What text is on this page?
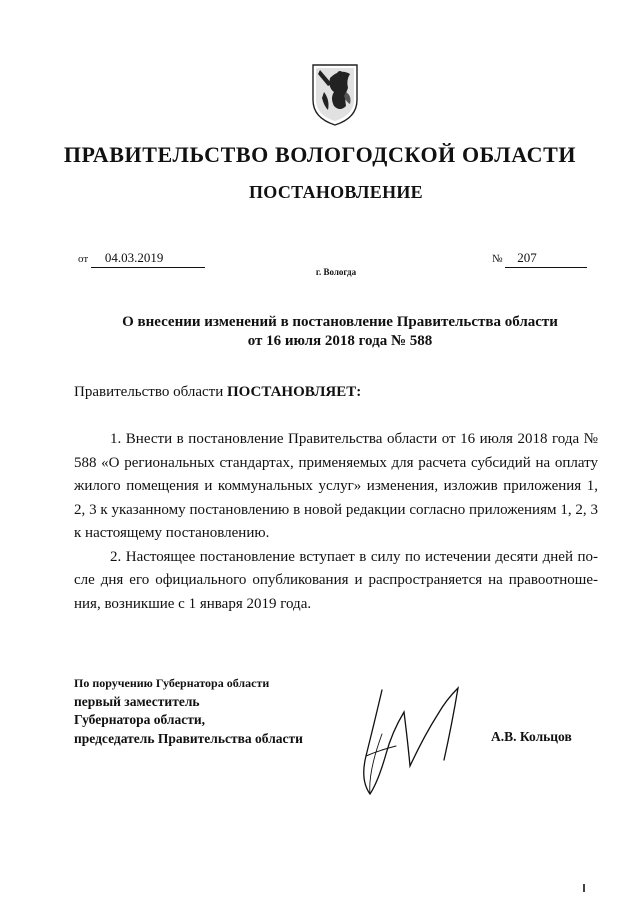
ПРАВИТЕЛЬСТВО ВОЛОГОДСКОЙ ОБЛАСТИ
ПОСТАНОВЛЕНИЕ
от 04.03.2019	№ 207
г. Вологда
О внесении изменений в постановление Правительства области
от 16 июля 2018 года № 588
Правительство области ПОСТАНОВЛЯЕТ:

1. Внести в постановление Правительства области от 16 июля 2018 года № 588 «О региональных стандартах, применяемых для расчета субсидий на оплату жилого помещения и коммунальных услуг» изменения, изложив приложения 1, 2, 3 к указанному постановлению в новой редакции согласно приложениям 1, 2, 3 к настоящему постановлению.

2. Настоящее постановление вступает в силу по истечении десяти дней после дня его официального опубликования и распространяется на правоотношения, возникшие с 1 января 2019 года.

По поручению Губернатора области
первый заместитель
Губернатора области,
председатель Правительства области	А.В. Кольцов
